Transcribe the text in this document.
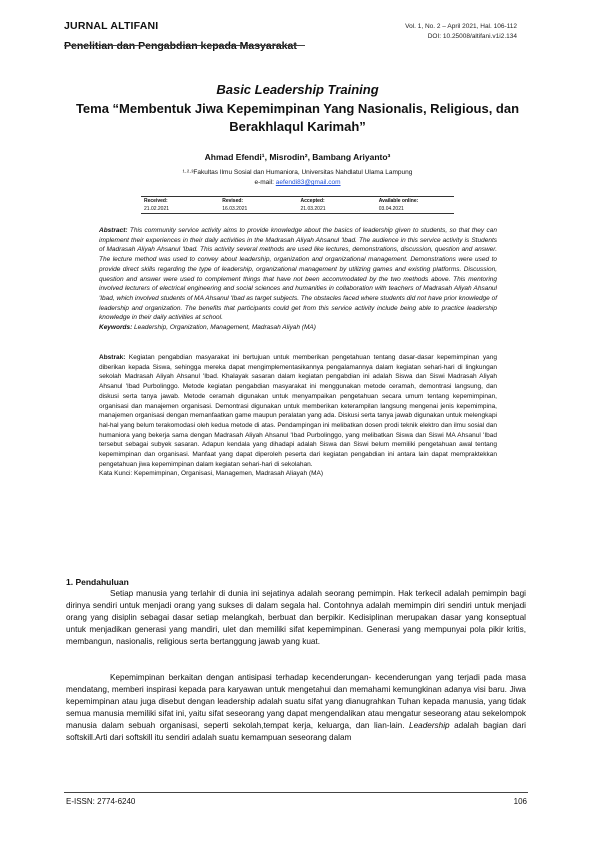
JURNAL ALTIFANI
Penelitian dan Pengabdian kepada Masyarakat
Vol. 1, No. 2 – April 2021, Hal. 106-112
DOI: 10.25008/altifani.v1i2.134
Basic Leadership Training
Tema “Membentuk Jiwa Kepemimpinan Yang Nasionalis, Religious, dan Berakhlaqul Karimah”
Ahmad Efendi¹, Misrodin², Bambang Ariyanto³
¹·²·³Fakultas Ilmu Sosial dan Humaniora, Universitas Nahdlatul Ulama Lampung
e-mail: aefendi83@gmail.com
Received:	Revised:	Accepted:	Available online:
21.02.2021	16.03.2021	21.03.2021	03.04.2021
Abstract: This community service activity aims to provide knowledge about the basics of leadership given to students, so that they can implement their experiences in their daily activities in the Madrasah Aliyah Ahsanul 'Ibad. The audience in this service activity is Students of Madrasah Aliyah Ahsanul 'Ibad. This activity several methods are used like lectures, demonstrations, discussion, question and answer. The lecture method was used to convey about leadership, organization and organizational management. Demonstrations were used to provide direct skills regarding the type of leadership, organizational management by utilizing games and existing platforms. Discussion, question and answer were used to complement things that have not been accommodated by the two methods above. This mentoring involved lecturers of electrical engineering and social sciences and humanities in collaboration with teachers of Madrasah Aliyah Ahsanul 'Ibad, which involved students of MA Ahsanul 'Ibad as target subjects. The obstacles faced where students did not have prior knowledge of leadership and organization. The benefits that participants could get from this service activity include being able to practice leadership knowledge in their daily activities at school.
Keywords: Leadership, Organization, Management, Madrasah Aliyah (MA)
Abstrak: Kegiatan pengabdian masyarakat ini bertujuan untuk memberikan pengetahuan tentang dasar-dasar kepemimpinan yang diberikan kepada Siswa, sehingga mereka dapat mengimplementasikannya pengalamannya dalam kegiatan sehari-hari di lingkungan sekolah Madrasah Aliyah Ahsanul 'Ibad. Khalayak sasaran dalam kegiatan pengabdian ini adalah Siswa dan Siswi Madrasah Aliyah Ahsanul 'Ibad Purbolinggo. Metode kegiatan pengabdian masyarakat ini menggunakan metode ceramah, demontrasi langsung, dan diskusi serta tanya jawab. Metode ceramah digunakan untuk menyampaikan pengetahuan secara umum tentang kepemimpinan, organisasi dan manajemen organisasi. Demontrasi digunakan untuk memberikan keterampilan langsung mengenai jenis kepemimpina, manajemen organisasi dengan memanfaatkan game maupun peralatan yang ada. Diskusi serta tanya jawab digunakan untuk melengkapi hal-hal yang belum terakomodasi oleh kedua metode di atas. Pendampingan ini melibatkan dosen prodi teknik elektro dan ilmu sosial dan humaniora yang bekerja sama dengan Madrasah Aliyah Ahsanul 'Ibad Purbolinggo, yang melibatkan Siswa dan Siswi MA Ahsanul 'Ibad tersebut sebagai subyek sasaran. Adapun kendala yang dihadapi adalah Siswa dan Siswi belum memiliki pengetahuan awal tentang kepemimpinan dan organisasi. Manfaat yang dapat diperoleh peserta dari kegiatan pengabdian ini antara lain dapat mempraktekkan pengetahuan jiwa kepemimpinan dalam kegiatan sehari-hari di sekolahan.
Kata Kunci: Kepemimpinan, Organisasi, Managemen, Madrasah Aliayah (MA)
1. Pendahuluan
Setiap manusia yang terlahir di dunia ini sejatinya adalah seorang pemimpin. Hak terkecil adalah pemimpin bagi dirinya sendiri untuk menjadi orang yang sukses di dalam segala hal. Contohnya adalah memimpin diri sendiri untuk menjadi orang yang disiplin sebagai dasar setiap melangkah, berbuat dan berpikir. Kedisiplinan merupakan dasar yang konseptual untuk menjadikan generasi yang mandiri, ulet dan memiliki sifat kepemimpinan. Generasi yang mempunyai pola pikir kritis, membangun, nasionalis, religious serta bertanggung jawab yang kuat.
Kepemimpinan berkaitan dengan antisipasi terhadap kecenderungan- kecenderungan yang terjadi pada masa mendatang, memberi inspirasi kepada para karyawan untuk mengetahui dan memahami kemungkinan adanya visi baru. Jiwa kepemimpinan atau juga disebut dengan leadership adalah suatu sifat yang dianugrahkan Tuhan kepada manusia, yang tidak semua manusia memiliki sifat ini, yaitu sifat seseorang yang dapat mengendalikan atau mengatur seseorang atau sekelompok manusia dalam sebuah organisasi, seperti sekolah,tempat kerja, keluarga, dan lian-lain. Leadership adalah bagian dari softskill.Arti dari softskill itu sendiri adalah suatu kemampuan seseorang dalam
E-ISSN: 2774-6240	106
